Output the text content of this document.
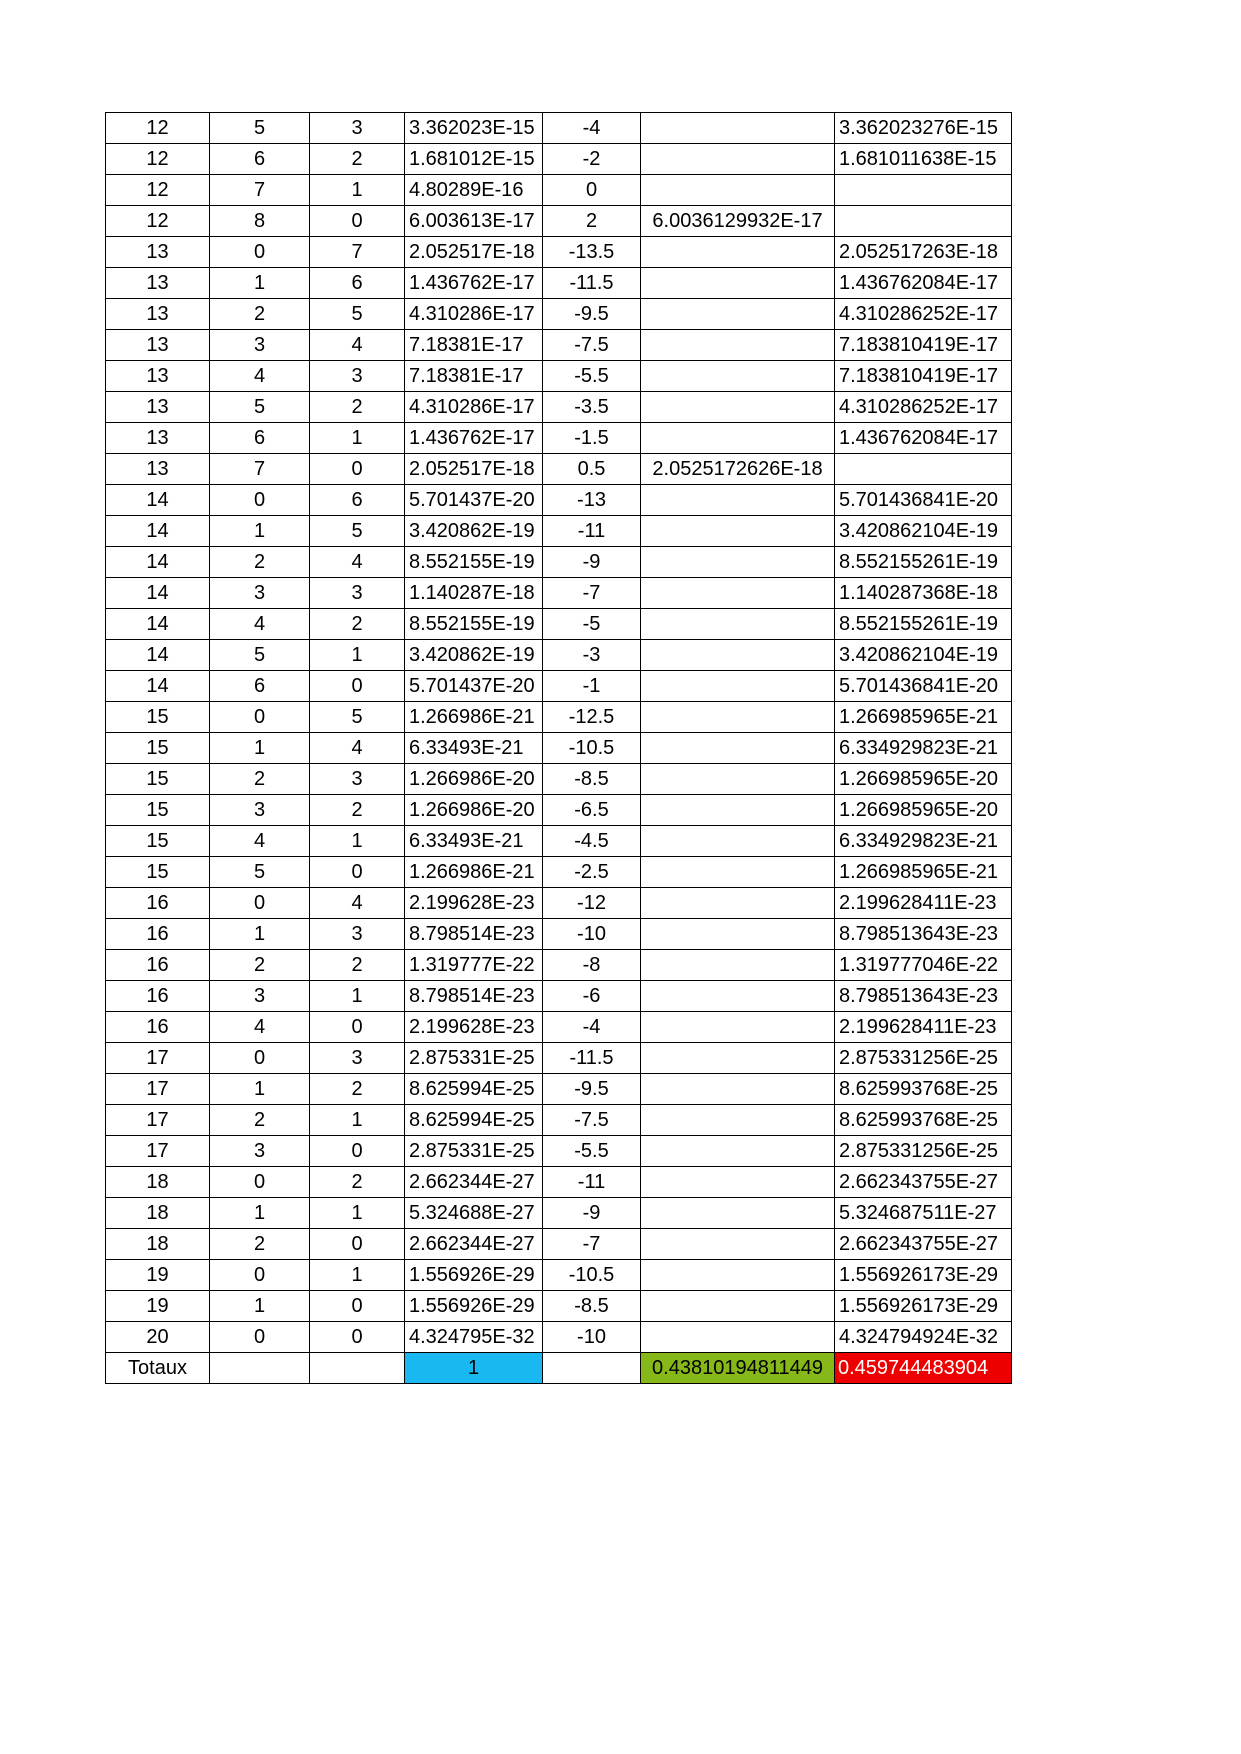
12	5	3	3.362023E-15	-4		3.362023276E-15
12	6	2	1.681012E-15	-2		1.681011638E-15
12	7	1	4.80289E-16	0		
12	8	0	6.003613E-17	2	6.0036129932E-17	
13	0	7	2.052517E-18	-13.5		2.052517263E-18
13	1	6	1.436762E-17	-11.5		1.436762084E-17
13	2	5	4.310286E-17	-9.5		4.310286252E-17
13	3	4	7.18381E-17	-7.5		7.183810419E-17
13	4	3	7.18381E-17	-5.5		7.183810419E-17
13	5	2	4.310286E-17	-3.5		4.310286252E-17
13	6	1	1.436762E-17	-1.5		1.436762084E-17
13	7	0	2.052517E-18	0.5	2.0525172626E-18	
14	0	6	5.701437E-20	-13		5.701436841E-20
14	1	5	3.420862E-19	-11		3.420862104E-19
14	2	4	8.552155E-19	-9		8.552155261E-19
14	3	3	1.140287E-18	-7		1.140287368E-18
14	4	2	8.552155E-19	-5		8.552155261E-19
14	5	1	3.420862E-19	-3		3.420862104E-19
14	6	0	5.701437E-20	-1		5.701436841E-20
15	0	5	1.266986E-21	-12.5		1.266985965E-21
15	1	4	6.33493E-21	-10.5		6.334929823E-21
15	2	3	1.266986E-20	-8.5		1.266985965E-20
15	3	2	1.266986E-20	-6.5		1.266985965E-20
15	4	1	6.33493E-21	-4.5		6.334929823E-21
15	5	0	1.266986E-21	-2.5		1.266985965E-21
16	0	4	2.199628E-23	-12		2.199628411E-23
16	1	3	8.798514E-23	-10		8.798513643E-23
16	2	2	1.319777E-22	-8		1.319777046E-22
16	3	1	8.798514E-23	-6		8.798513643E-23
16	4	0	2.199628E-23	-4		2.199628411E-23
17	0	3	2.875331E-25	-11.5		2.875331256E-25
17	1	2	8.625994E-25	-9.5		8.625993768E-25
17	2	1	8.625994E-25	-7.5		8.625993768E-25
17	3	0	2.875331E-25	-5.5		2.875331256E-25
18	0	2	2.662344E-27	-11		2.662343755E-27
18	1	1	5.324688E-27	-9		5.324687511E-27
18	2	0	2.662344E-27	-7		2.662343755E-27
19	0	1	1.556926E-29	-10.5		1.556926173E-29
19	1	0	1.556926E-29	-8.5		1.556926173E-29
20	0	0	4.324795E-32	-10		4.324794924E-32
Totaux			1		0.43810194811449	0.459744483904
